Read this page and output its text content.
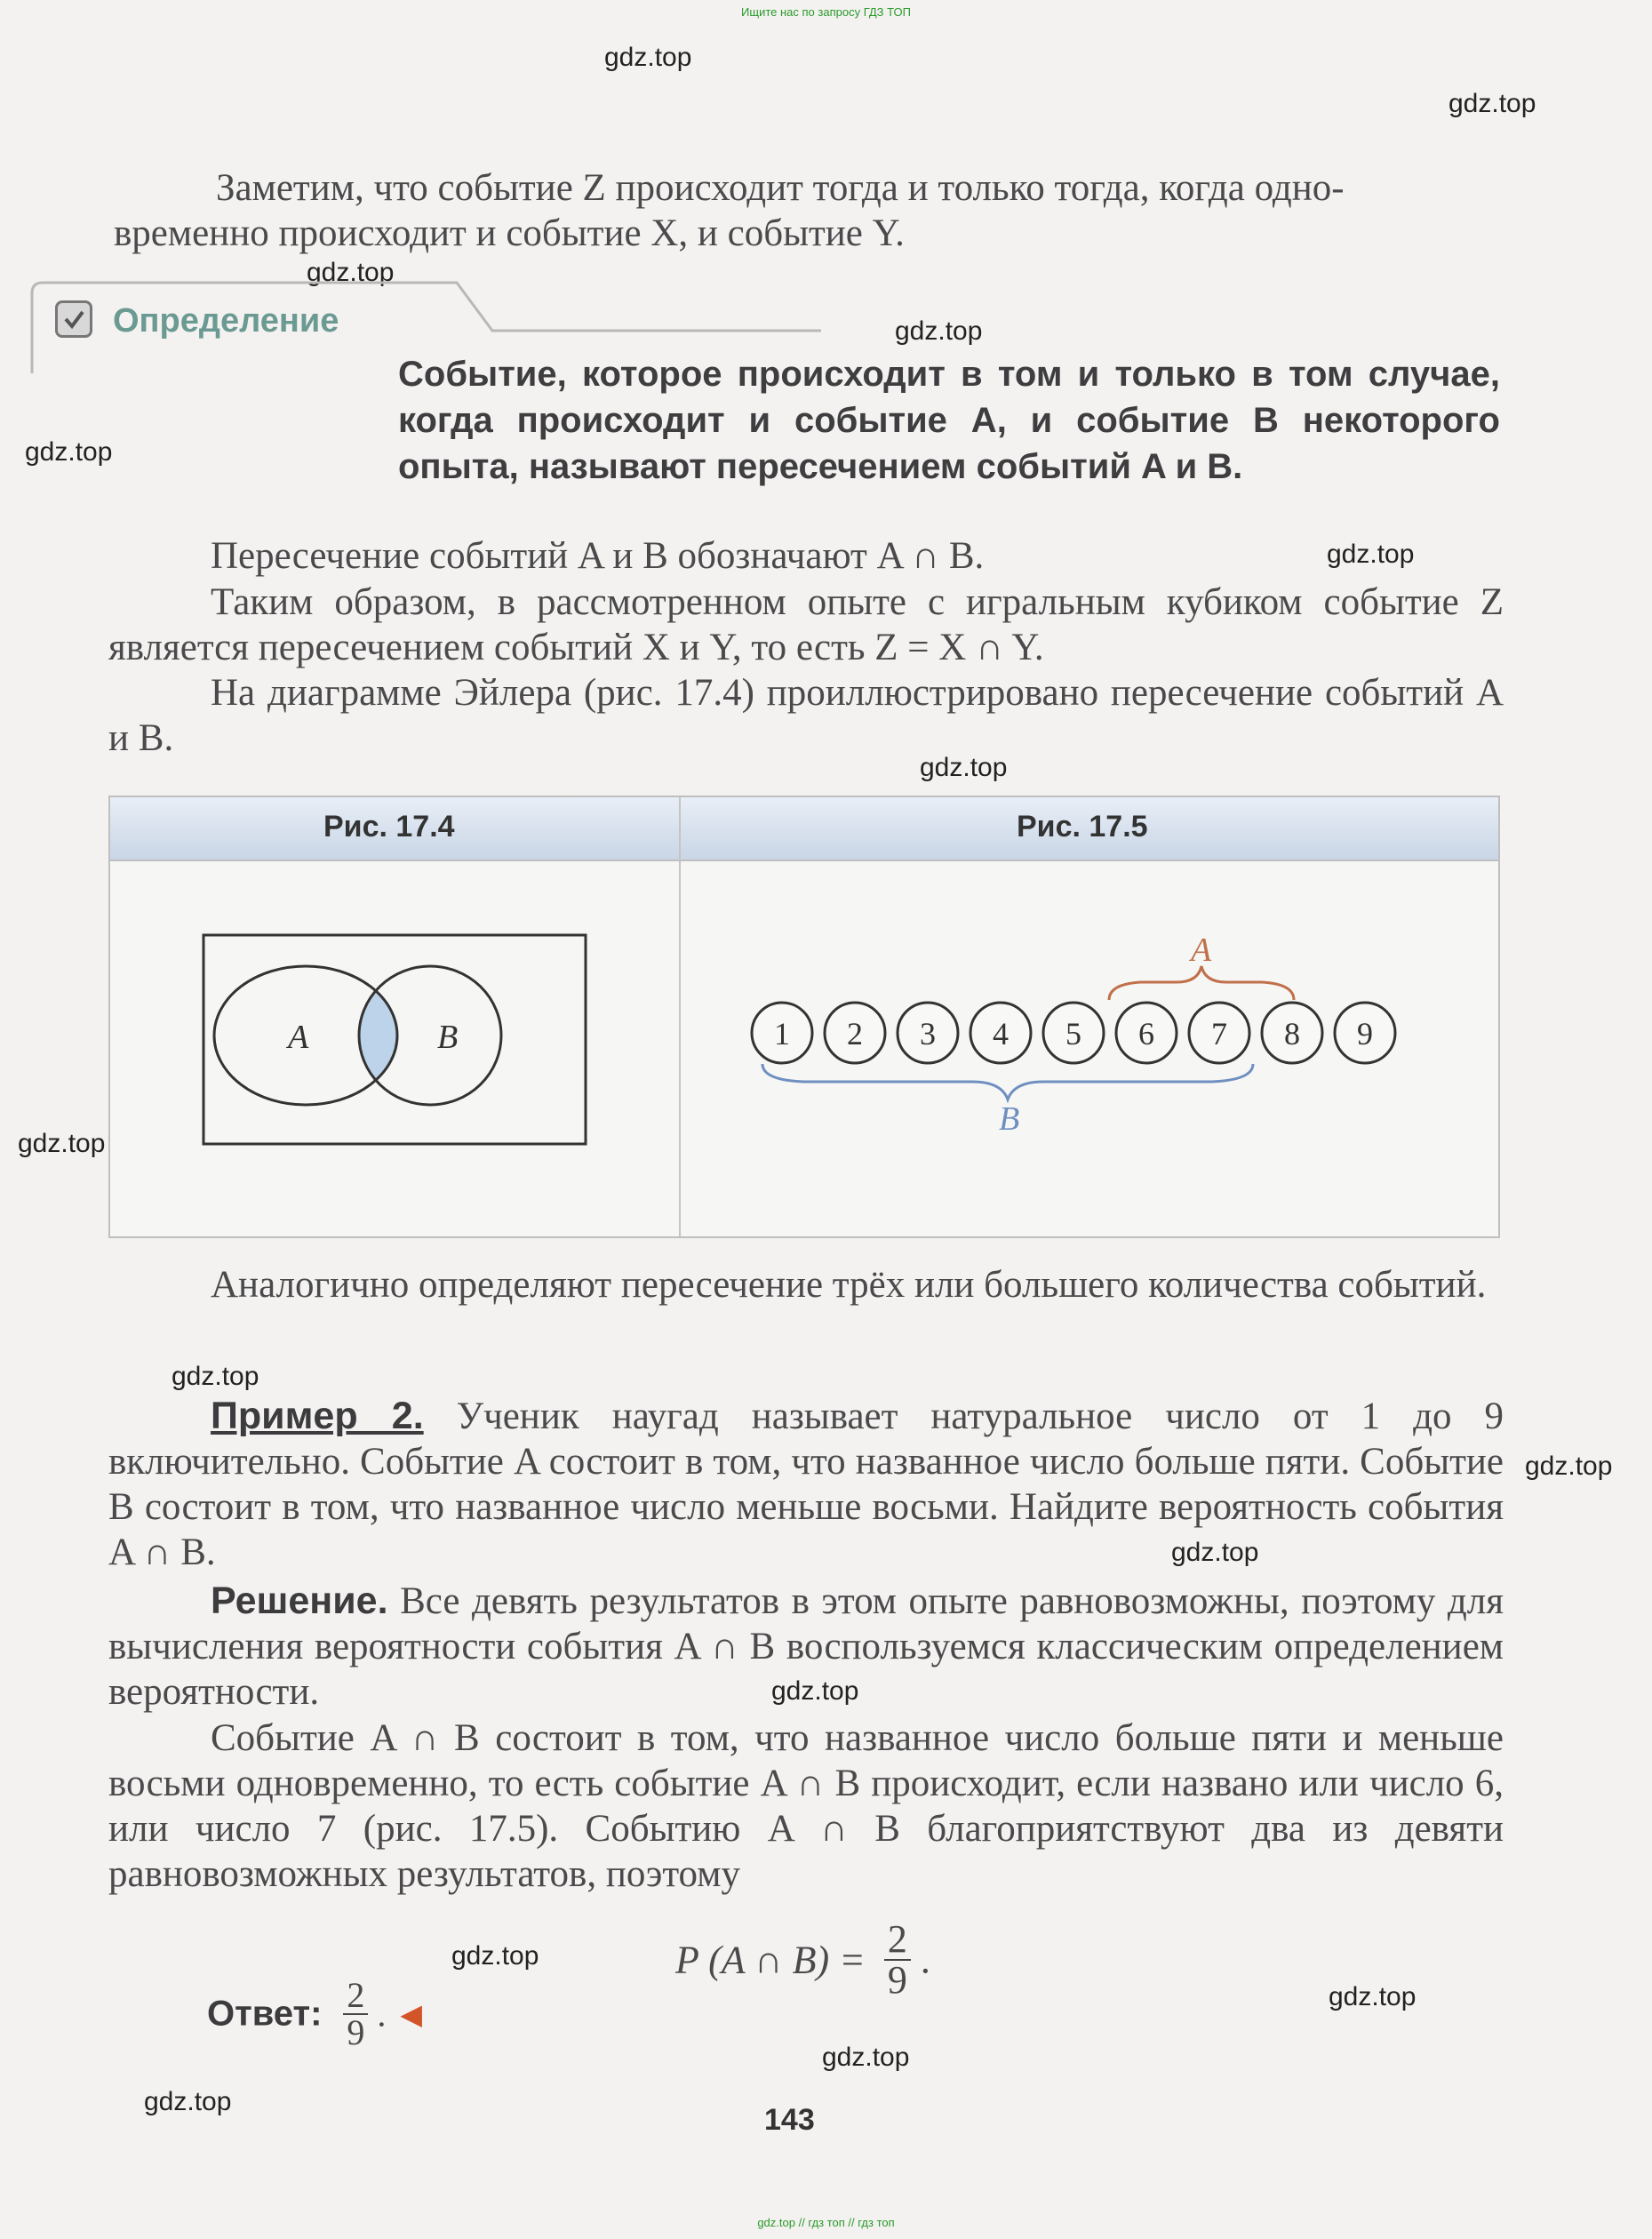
Ищите нас по запросу ГДЗ ТОП
gdz.top
gdz.top
gdz.top
gdz.top
gdz.top
gdz.top
gdz.top
gdz.top
gdz.top
gdz.top
gdz.top
gdz.top
gdz.top
gdz.top
gdz.top
gdz.top
Заметим, что событие Z происходит тогда и только тогда, когда одно-
временно происходит и событие X, и событие Y.
Определение
Событие, которое происходит в том и только в том случае, когда происходит и событие A, и событие B некоторого опыта, называют пересечением событий A и B.
Пересечение событий A и B обозначают A ∩ B.
Таким образом, в рассмотренном опыте с игральным кубиком событие Z является пересечением событий X и Y, то есть Z = X ∩ Y.
На диаграмме Эйлера (рис. 17.4) проиллюстрировано пересечение событий A и B.
Рис. 17.4	Рис. 17.5
A	B
A
1 2 3 4 5 6 7 8 9
B
Аналогично определяют пересечение трёх или большего количества событий.
Пример 2. Ученик наугад называет натуральное число от 1 до 9 включительно. Событие A состоит в том, что названное число больше пяти. Событие B состоит в том, что названное число меньше восьми. Найдите вероятность события A ∩ B.
Решение. Все девять результатов в этом опыте равновозможны, поэтому для вычисления вероятности события A ∩ B воспользуемся классическим определением вероятности.
Событие A ∩ B состоит в том, что названное число больше пяти и меньше восьми одновременно, то есть событие A ∩ B происходит, если названо или число 6, или число 7 (рис. 17.5). Событию A ∩ B благоприятствуют два из девяти равновозможных результатов, поэтому
P (A ∩ $B) = \frac{2}{9}$ .
Ответ: $\frac{2}{9}$ . ◀
143
gdz.top // гдз топ // гдз топ
